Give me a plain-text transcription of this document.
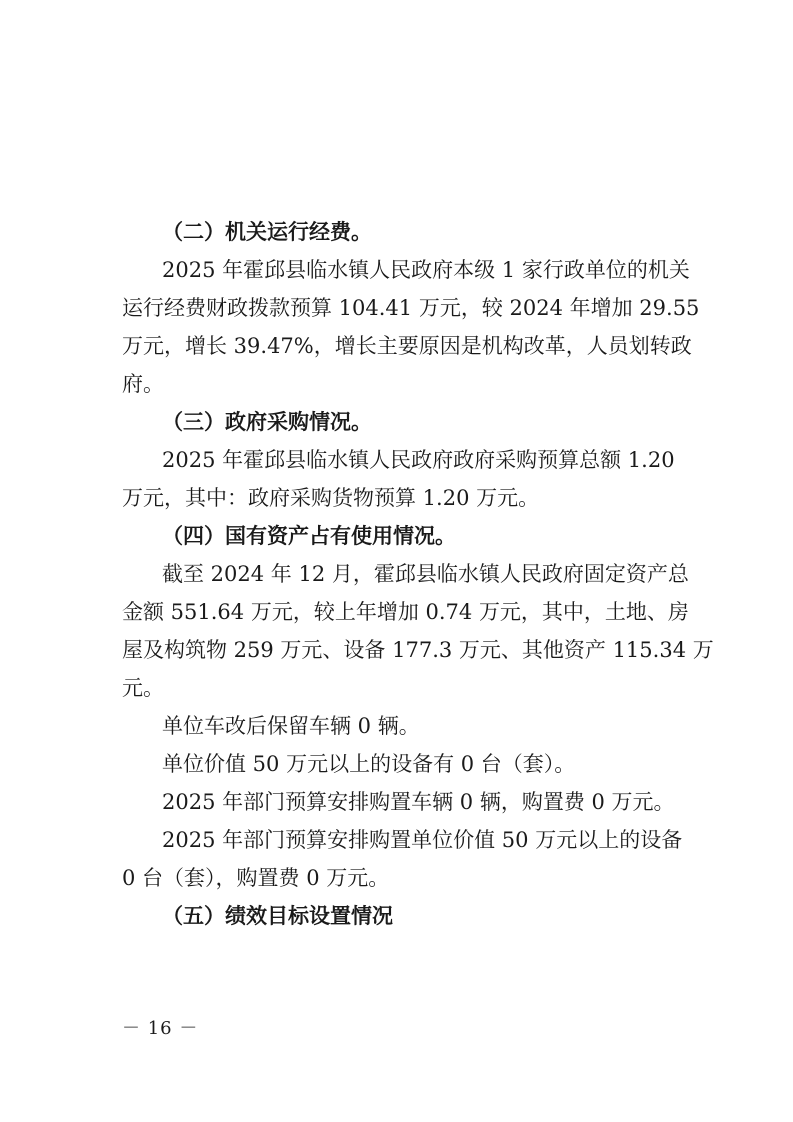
（二）机关运行经费。
2025 年霍邱县临水镇人民政府本级 1 家行政单位的机关
运行经费财政拨款预算 104.41 万元，较 2024 年增加 29.55
万元，增长 39.47%，增长主要原因是机构改革，人员划转政
府。
（三）政府采购情况。
2025 年霍邱县临水镇人民政府政府采购预算总额 1.20
万元，其中：政府采购货物预算 1.20 万元。
（四）国有资产占有使用情况。
截至 2024 年 12 月，霍邱县临水镇人民政府固定资产总
金额 551.64 万元，较上年增加 0.74 万元，其中，土地、房
屋及构筑物 259 万元、设备 177.3 万元、其他资产 115.34 万
元。
单位车改后保留车辆 0 辆。
单位价值 50 万元以上的设备有 0 台（套）。
2025 年部门预算安排购置车辆 0 辆，购置费 0 万元。
2025 年部门预算安排购置单位价值 50 万元以上的设备
0 台（套），购置费 0 万元。
（五）绩效目标设置情况
－ 16 －
